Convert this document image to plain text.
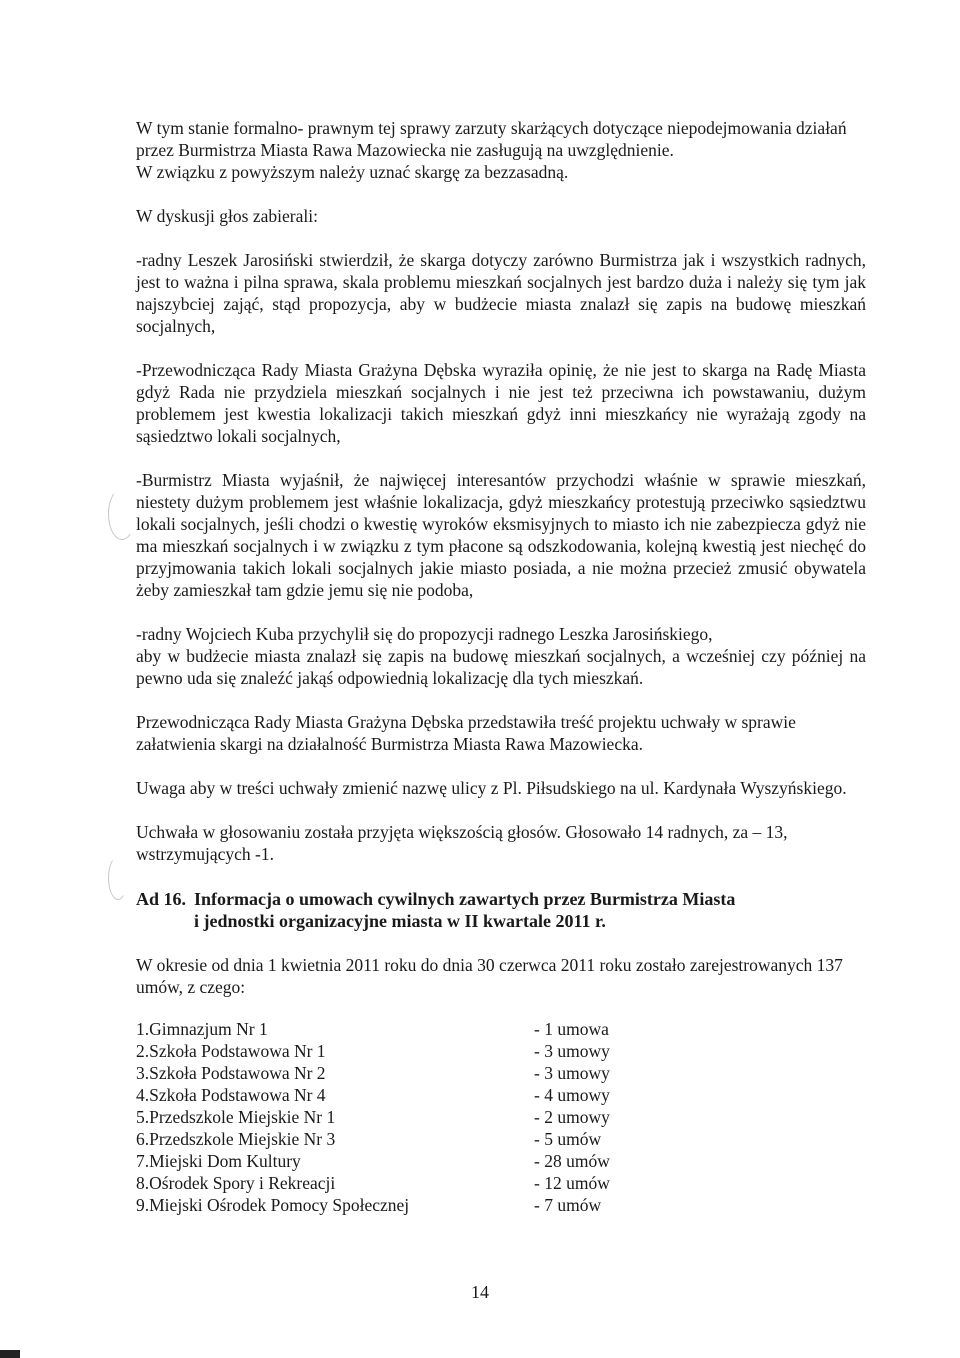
W tym stanie formalno- prawnym tej sprawy zarzuty skarżących dotyczące niepodejmowania działań przez Burmistrza Miasta Rawa Mazowiecka nie zasługują na uwzględnienie.

W związku z powyższym należy uznać skargę za bezzasadną.

W dyskusji głos zabierali:

-radny Leszek Jarosiński stwierdził, że skarga dotyczy zarówno Burmistrza jak i wszystkich radnych, jest to ważna i pilna sprawa, skala problemu mieszkań socjalnych jest bardzo duża i należy się tym jak najszybciej zająć, stąd propozycja, aby w budżecie miasta znalazł się zapis na budowę mieszkań socjalnych,

-Przewodnicząca Rady Miasta Grażyna Dębska wyraziła opinię, że nie jest to skarga na Radę Miasta gdyż Rada nie przydziela mieszkań socjalnych i nie jest też przeciwna ich powstawaniu, dużym problemem jest kwestia lokalizacji takich mieszkań gdyż inni mieszkańcy nie wyrażają zgody na sąsiedztwo lokali socjalnych,

-Burmistrz Miasta wyjaśnił, że najwięcej interesantów przychodzi właśnie w sprawie mieszkań, niestety dużym problemem jest właśnie lokalizacja, gdyż mieszkańcy protestują przeciwko sąsiedztwu lokali socjalnych, jeśli chodzi o kwestię wyroków eksmisyjnych to miasto ich nie zabezpiecza gdyż nie ma mieszkań socjalnych i w związku z tym płacone są odszkodowania, kolejną kwestią jest niechęć do przyjmowania takich lokali socjalnych jakie miasto posiada, a nie można przecież zmusić obywatela żeby zamieszkał tam gdzie jemu się nie podoba,

-radny Wojciech Kuba przychylił się do propozycji radnego Leszka Jarosińskiego,

aby w budżecie miasta znalazł się zapis na budowę mieszkań socjalnych, a wcześniej czy później na pewno uda się znaleźć jakąś odpowiednią lokalizację dla tych mieszkań.

Przewodnicząca Rady Miasta Grażyna Dębska przedstawiła treść projektu uchwały w sprawie załatwienia skargi na działalność Burmistrza Miasta Rawa Mazowiecka.

Uwaga aby w treści uchwały zmienić nazwę ulicy z Pl. Piłsudskiego na ul. Kardynała Wyszyńskiego.

Uchwała w głosowaniu została przyjęta większością głosów. Głosowało 14 radnych, za – 13, wstrzymujących -1.

Ad 16. Informacja o umowach cywilnych zawartych przez Burmistrza Miasta
i jednostki organizacyjne miasta w II kwartale 2011 r.

W okresie od dnia 1 kwietnia 2011 roku do dnia 30 czerwca 2011 roku zostało zarejestrowanych 137 umów, z czego:

1.Gimnazjum Nr 1	- 1 umowa
2.Szkoła Podstawowa Nr 1	- 3 umowy
3.Szkoła Podstawowa Nr 2	- 3 umowy
4.Szkoła Podstawowa Nr 4	- 4 umowy
5.Przedszkole Miejskie Nr 1	- 2 umowy
6.Przedszkole Miejskie Nr 3	- 5 umów
7.Miejski Dom Kultury	- 28 umów
8.Ośrodek Spory i Rekreacji	- 12 umów
9.Miejski Ośrodek Pomocy Społecznej	- 7 umów
14
